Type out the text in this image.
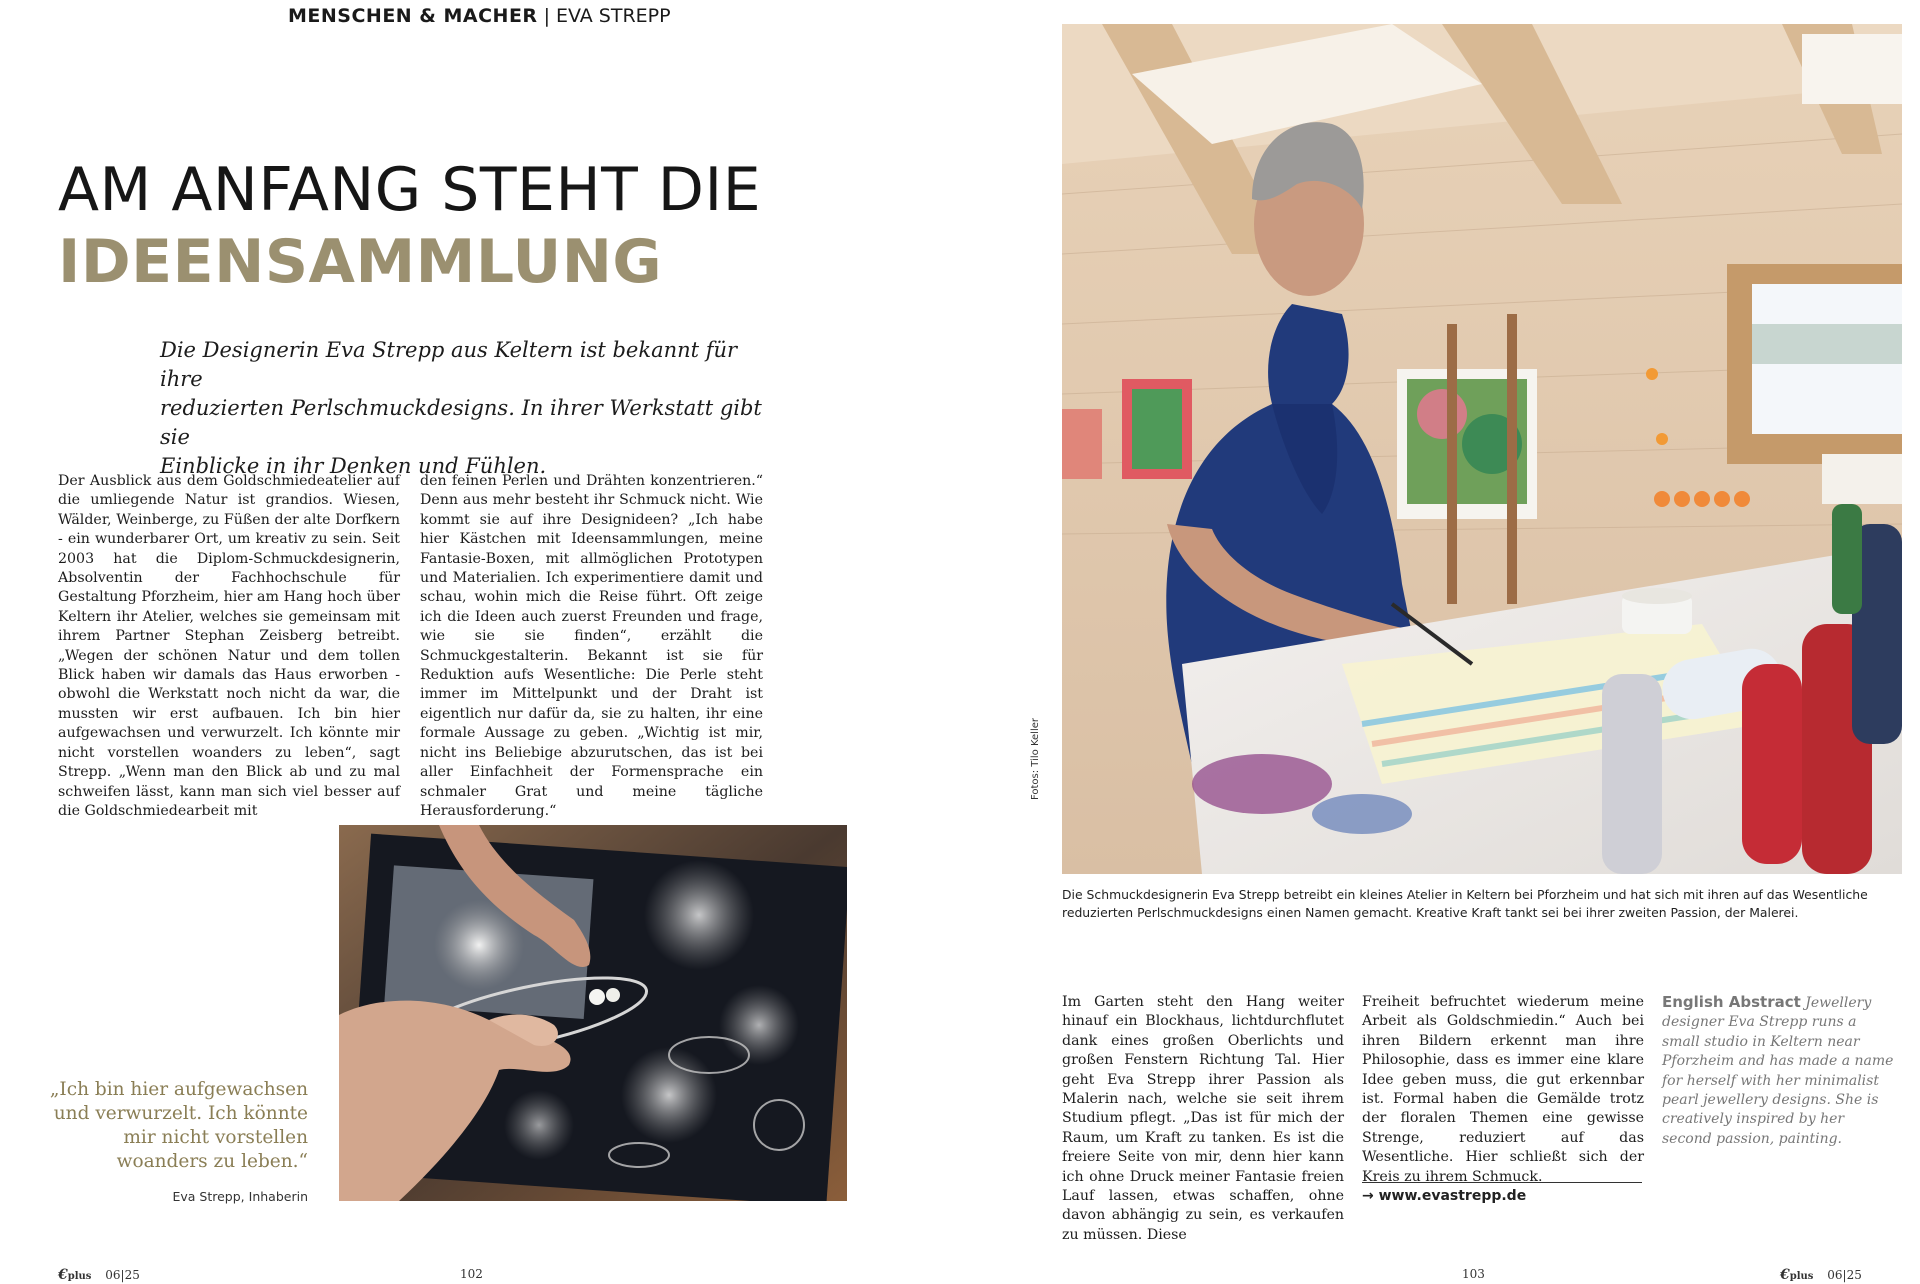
MENSCHEN & MACHER | EVA STREPP
AM ANFANG STEHT DIE
IDEENSAMMLUNG
Die Designerin Eva Strepp aus Keltern ist bekannt für ihre
reduzierten Perlschmuckdesigns. In ihrer Werkstatt gibt sie
Einblicke in ihr Denken und Fühlen.
Der Ausblick aus dem Goldschmiedeatelier auf die umliegende Natur ist grandios. Wiesen, Wälder, Weinberge, zu Füßen der alte Dorfkern - ein wunderbarer Ort, um kreativ zu sein. Seit 2003 hat die Diplom-Schmuckdesignerin, Absolventin der Fachhochschule für Gestaltung Pforzheim, hier am Hang hoch über Keltern ihr Atelier, welches sie gemeinsam mit ihrem Partner Stephan Zeisberg betreibt. „Wegen der schönen Natur und dem tollen Blick haben wir damals das Haus erworben - obwohl die Werkstatt noch nicht da war, die mussten wir erst aufbauen. Ich bin hier aufgewachsen und verwurzelt. Ich könnte mir nicht vorstellen woanders zu leben“, sagt Strepp. „Wenn man den Blick ab und zu mal schweifen lässt, kann man sich viel besser auf die Goldschmiedearbeit mit
den feinen Perlen und Drähten konzentrieren.“ Denn aus mehr besteht ihr Schmuck nicht. Wie kommt sie auf ihre Designideen? „Ich habe hier Kästchen mit Ideensammlungen, meine Fantasie-Boxen, mit allmöglichen Prototypen und Materialien. Ich experimentiere damit und schau, wohin mich die Reise führt. Oft zeige ich die Ideen auch zuerst Freunden und frage, wie sie sie finden“, erzählt die Schmuckgestalterin. Bekannt ist sie für Reduktion aufs Wesentliche: Die Perle steht immer im Mittelpunkt und der Draht ist eigentlich nur dafür da, sie zu halten, ihr eine formale Aussage zu geben. „Wichtig ist mir, nicht ins Beliebige abzurutschen, das ist bei aller Einfachheit der Formensprache ein schmaler Grat und meine tägliche Herausforderung.“
„Ich bin hier aufgewachsen und verwurzelt. Ich könnte mir nicht vorstellen woanders zu leben.“
Eva Strepp, Inhaberin
Fotos: Tilo Keller
Die Schmuckdesignerin Eva Strepp betreibt ein kleines Atelier in Keltern bei Pforzheim und hat sich mit ihren auf das Wesentliche reduzierten Perlschmuckdesigns einen Namen gemacht. Kreative Kraft tankt sei bei ihrer zweiten Passion, der Malerei.
Im Garten steht den Hang weiter hinauf ein Blockhaus, lichtdurchflutet dank eines großen Oberlichts und großen Fenstern Richtung Tal. Hier geht Eva Strepp ihrer Passion als Malerin nach, welche sie seit ihrem Studium pflegt. „Das ist für mich der Raum, um Kraft zu tanken. Es ist die freiere Seite von mir, denn hier kann ich ohne Druck meiner Fantasie freien Lauf lassen, etwas schaffen, ohne davon abhängig zu sein, es verkaufen zu müssen. Diese
Freiheit befruchtet wiederum meine Arbeit als Goldschmiedin.“ Auch bei ihren Bildern erkennt man ihre Philosophie, dass es immer eine klare Idee geben muss, die gut erkennbar ist. Formal haben die Gemälde trotz der floralen Themen eine gewisse Strenge, reduziert auf das Wesentliche. Hier schließt sich der Kreis zu ihrem Schmuck.
English Abstract Jewellery designer Eva Strepp runs a small studio in Keltern near Pforzheim and has made a name for herself with her minimalist pearl jewellery designs. She is creatively inspired by her second passion, painting.
→ www.evastrepp.de
€plus 06|25	102	103	€plus 06|25
